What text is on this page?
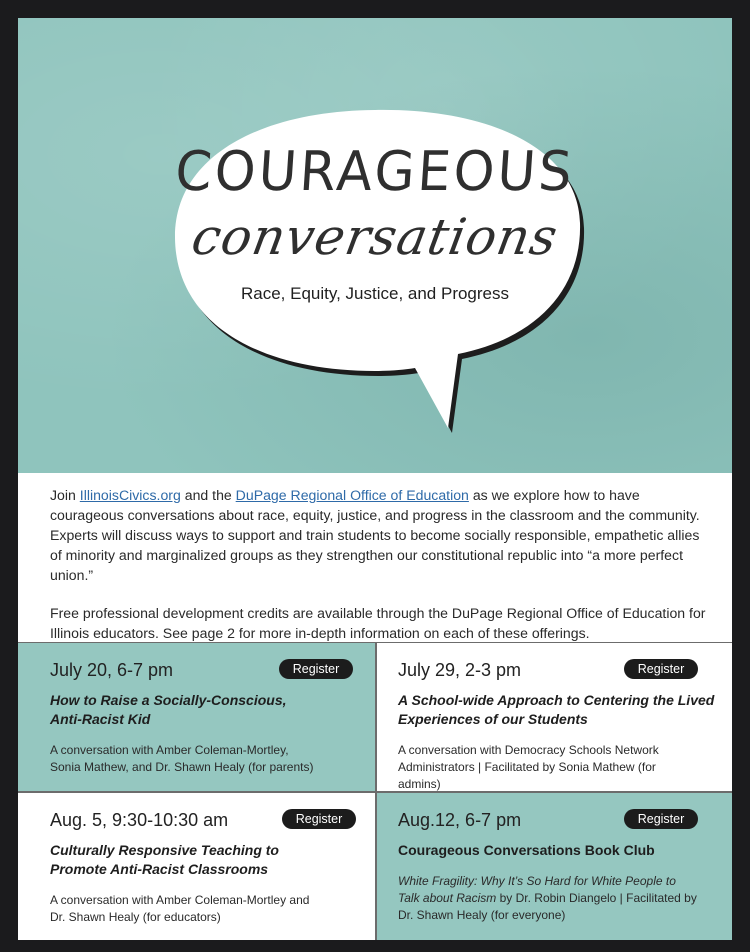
COURAGEOUS
conversations
Race, Equity, Justice, and Progress

Join IllinoisCivics.org and the DuPage Regional Office of Education as we explore how to have courageous conversations about race, equity, justice, and progress in the classroom and the community. Experts will discuss ways to support and train students to become socially responsible, empathetic allies of minority and marginalized groups as they strengthen our constitutional republic into “a more perfect union.”

Free professional development credits are available through the DuPage Regional Office of Education for Illinois educators. See page 2 for more in-depth information on each of these offerings.

July 20, 6-7 pm	Register
How to Raise a Socially-Conscious, Anti-Racist Kid
A conversation with Amber Coleman-Mortley, Sonia Mathew, and Dr. Shawn Healy (for parents)
July 29, 2-3 pm	Register
A School-wide Approach to Centering the Lived Experiences of our Students
A conversation with Democracy Schools Network Administrators | Facilitated by Sonia Mathew (for admins)
Aug. 5, 9:30-10:30 am	Register
Culturally Responsive Teaching to Promote Anti-Racist Classrooms
A conversation with Amber Coleman-Mortley and Dr. Shawn Healy (for educators)
Aug.12, 6-7 pm	Register
Courageous Conversations Book Club
White Fragility: Why It’s So Hard for White People to Talk about Racism by Dr. Robin Diangelo | Facilitated by Dr. Shawn Healy (for everyone)
